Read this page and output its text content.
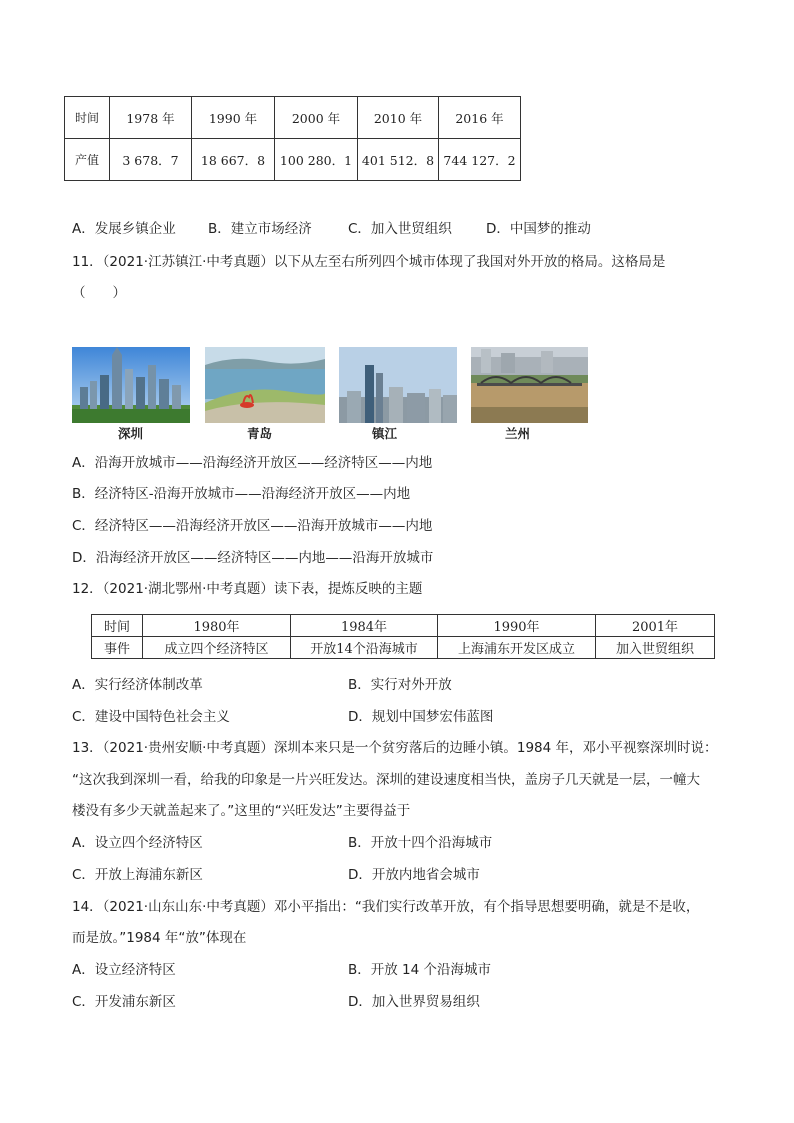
时间	1978 年	1990 年	2000 年	2010 年	2016 年
产值	3 678．7	18 667．8	100 280．1	401 512．8	744 127．2
A．发展乡镇企业 B．建立市场经济	C．加入世贸组织	D．中国梦的推动
11．（2021·江苏镇江·中考真题）以下从左至右所列四个城市体现了我国对外开放的格局。这格局是
（　　）
深圳	青岛	镇江	兰州
A．沿海开放城市——沿海经济开放区——经济特区——内地
B．经济特区-沿海开放城市——沿海经济开放区——内地
C．经济特区——沿海经济开放区——沿海开放城市——内地
D．沿海经济开放区——经济特区——内地——沿海开放城市
12．（2021·湖北鄂州·中考真题）读下表，提炼反映的主题
时间	1980年	1984年	1990年	2001年
事件	成立四个经济特区	开放14个沿海城市	上海浦东开发区成立	加入世贸组织
A．实行经济体制改革	B．实行对外开放
C．建设中国特色社会主义	D．规划中国梦宏伟蓝图
13．（2021·贵州安顺·中考真题）深圳本来只是一个贫穷落后的边睡小镇。1984 年，邓小平视察深圳时说：
“这次我到深圳一看，给我的印象是一片兴旺发达。深圳的建设速度相当快，盖房子几天就是一层，一幢大
楼没有多少天就盖起来了。”这里的“兴旺发达”主要得益于
A．设立四个经济特区	B．开放十四个沿海城市
C．开放上海浦东新区	D．开放内地省会城市
14．（2021·山东山东·中考真题）邓小平指出：“我们实行改革开放，有个指导思想要明确，就是不是收，
而是放。”1984 年“放”体现在
A．设立经济特区	B．开放 14 个沿海城市
C．开发浦东新区	D．加入世界贸易组织
